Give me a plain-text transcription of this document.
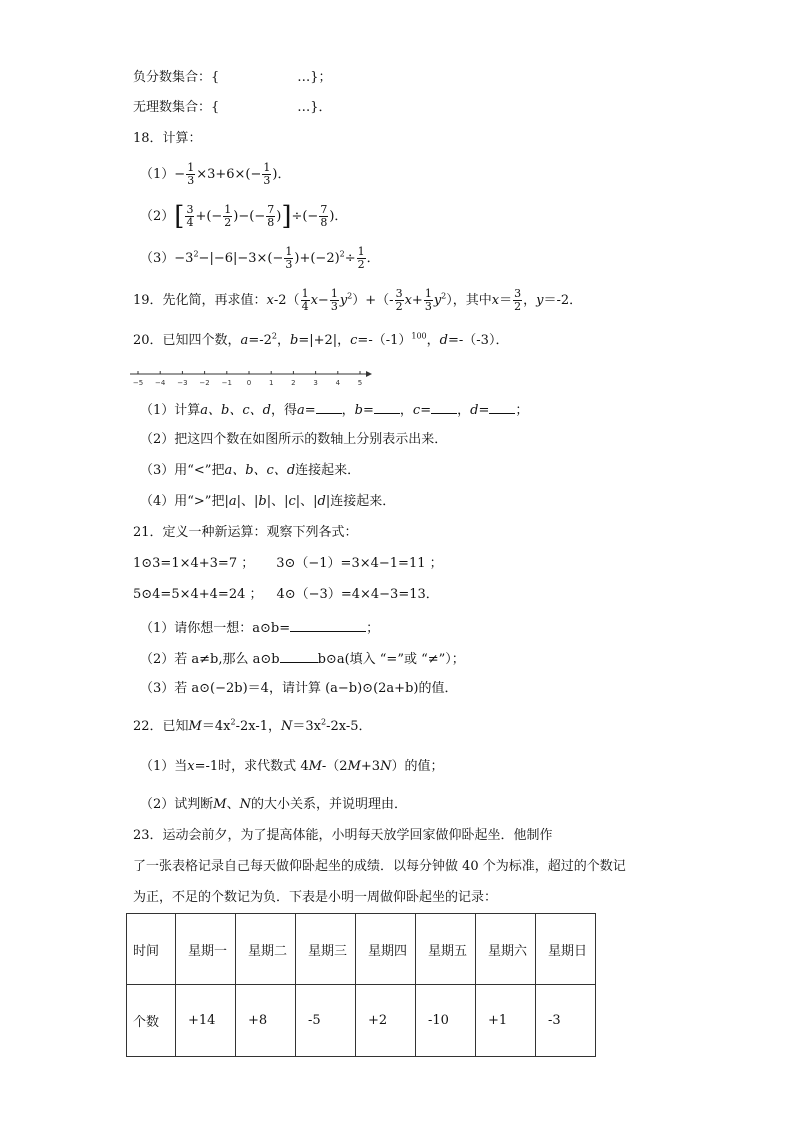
负分数集合：{	…}；
无理数集合：{	…}．
18．计算：
$(1)- \frac{1}{3} \times 3+6\times(- \frac{1}{3}$ )．
$(2)[ \frac{3}{4}$ +(− $\frac{1}{2}$ )−(− $\frac{7}{8}$ )]÷(− $\frac{7}{8}$ )．
$(3)-3^2-|-6|-3\times(- \frac{1}{3} )+(-2)^2\div \frac{1}{2}$ ．
19．先化简，再求值：$x-2( \frac{1}{4} x- \frac{1}{3} y^2)+(- \frac{3}{2} x+ \frac{1}{3} y^2)$，其中$x= \frac{3}{2}$ ，y＝-2．
20．已知四个数，$a=-2^2$，b=|+2|，$c=-(-1)^{100}$，d=-（-3）．
−5 −4 −3 −2 −1 0	1	2	3	4	5
（1）计算a、b、c、d，得a= ，b= ，c= ，d= ；
（2）把这四个数在如图所示的数轴上分别表示出来．
（3）用“<”把a、b、c、d连接起来．
（4）用“>”把|a|、|b|、|c|、|d|连接起来．
21．定义一种新运算：观察下列各式：
1⊙3=1×4+3=7 ； 3⊙（−1）=3×4−1=11 ；
5⊙4=5×4+4=24 ； 4⊙（−3）=4×4−3=13．
（1）请你想一想：a⊙b=	；
（2）若 a≠b,那么 a⊙b	b⊙a(填入 “=”或 “≠”）；
（3）若 a⊙(−2b)＝4，请计算 (a−b)⊙(2a+b)的值．
22．已知$M=4x^2-2x-1$，$N=3x^2-2x-5$．
（1）当x=-1时，求代数式 4M-（2M+3N）的值；
（2）试判断M、N的大小关系，并说明理由．
23．运动会前夕，为了提高体能，小明每天放学回家做仰卧起坐．他制作
了一张表格记录自己每天做仰卧起坐的成绩．以每分钟做 40 个为标准，超过的个数记
为正，不足的个数记为负．下表是小明一周做仰卧起坐的记录：
时间	星期一	星期二	星期三	星期四	星期五	星期六	星期日
个数	+14	+8	-5	+2	-10	+1	-3
